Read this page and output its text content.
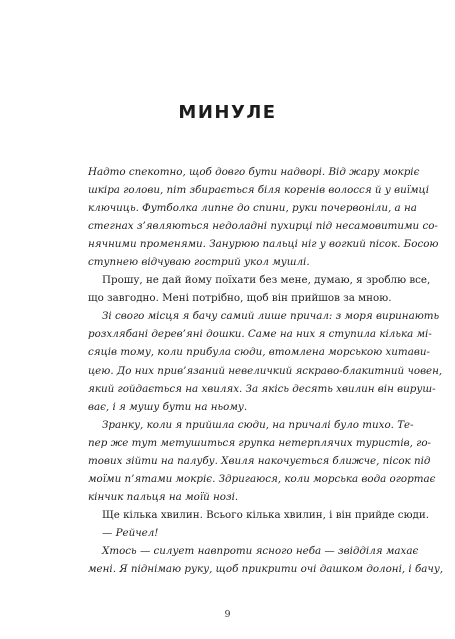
МИНУЛЕ
Надто спекотно, щоб довго бути надворі. Від жару мокріє
шкіра голови, піт збирається біля коренів волосся й у виїмці
ключиць. Футболка липне до спини, руки почервоніли, а на
стегнах з’являються недоладні пухирці під несамовитими со-
нячними променями. Занурюю пальці ніг у вогкий пісок. Босою
ступнею відчуваю гострий укол мушлі.
Прошу, не дай йому поїхати без мене, думаю, я зроблю все,
що завгодно. Мені потрібно, щоб він прийшов за мною.
Зі свого місця я бачу самий лише причал: з моря виринають
розхлябані дерев’яні дошки. Саме на них я ступила кілька мі-
сяців тому, коли прибула сюди, втомлена морською хитави-
цею. До них прив’язаний невеличкий яскраво-блакитний човен,
який гойдається на хвилях. За якісь десять хвилин він вируш-
ває, і я мушу бути на ньому.
Зранку, коли я прийшла сюди, на причалі було тихо. Те-
пер же тут метушиться групка нетерплячих туристів, го-
тових зійти на палубу. Хвиля накочується ближче, пісок під
моїми п’ятами мокріє. Здригаюся, коли морська вода огортає
кінчик пальця на моїй нозі.
Ще кілька хвилин. Всього кілька хвилин, і він прийде сюди.
— Рейчел!
Хтось — силует навпроти ясного неба — звідділя махає
мені. Я піднімаю руку, щоб прикрити очі дашком долоні, і бачу,
9
